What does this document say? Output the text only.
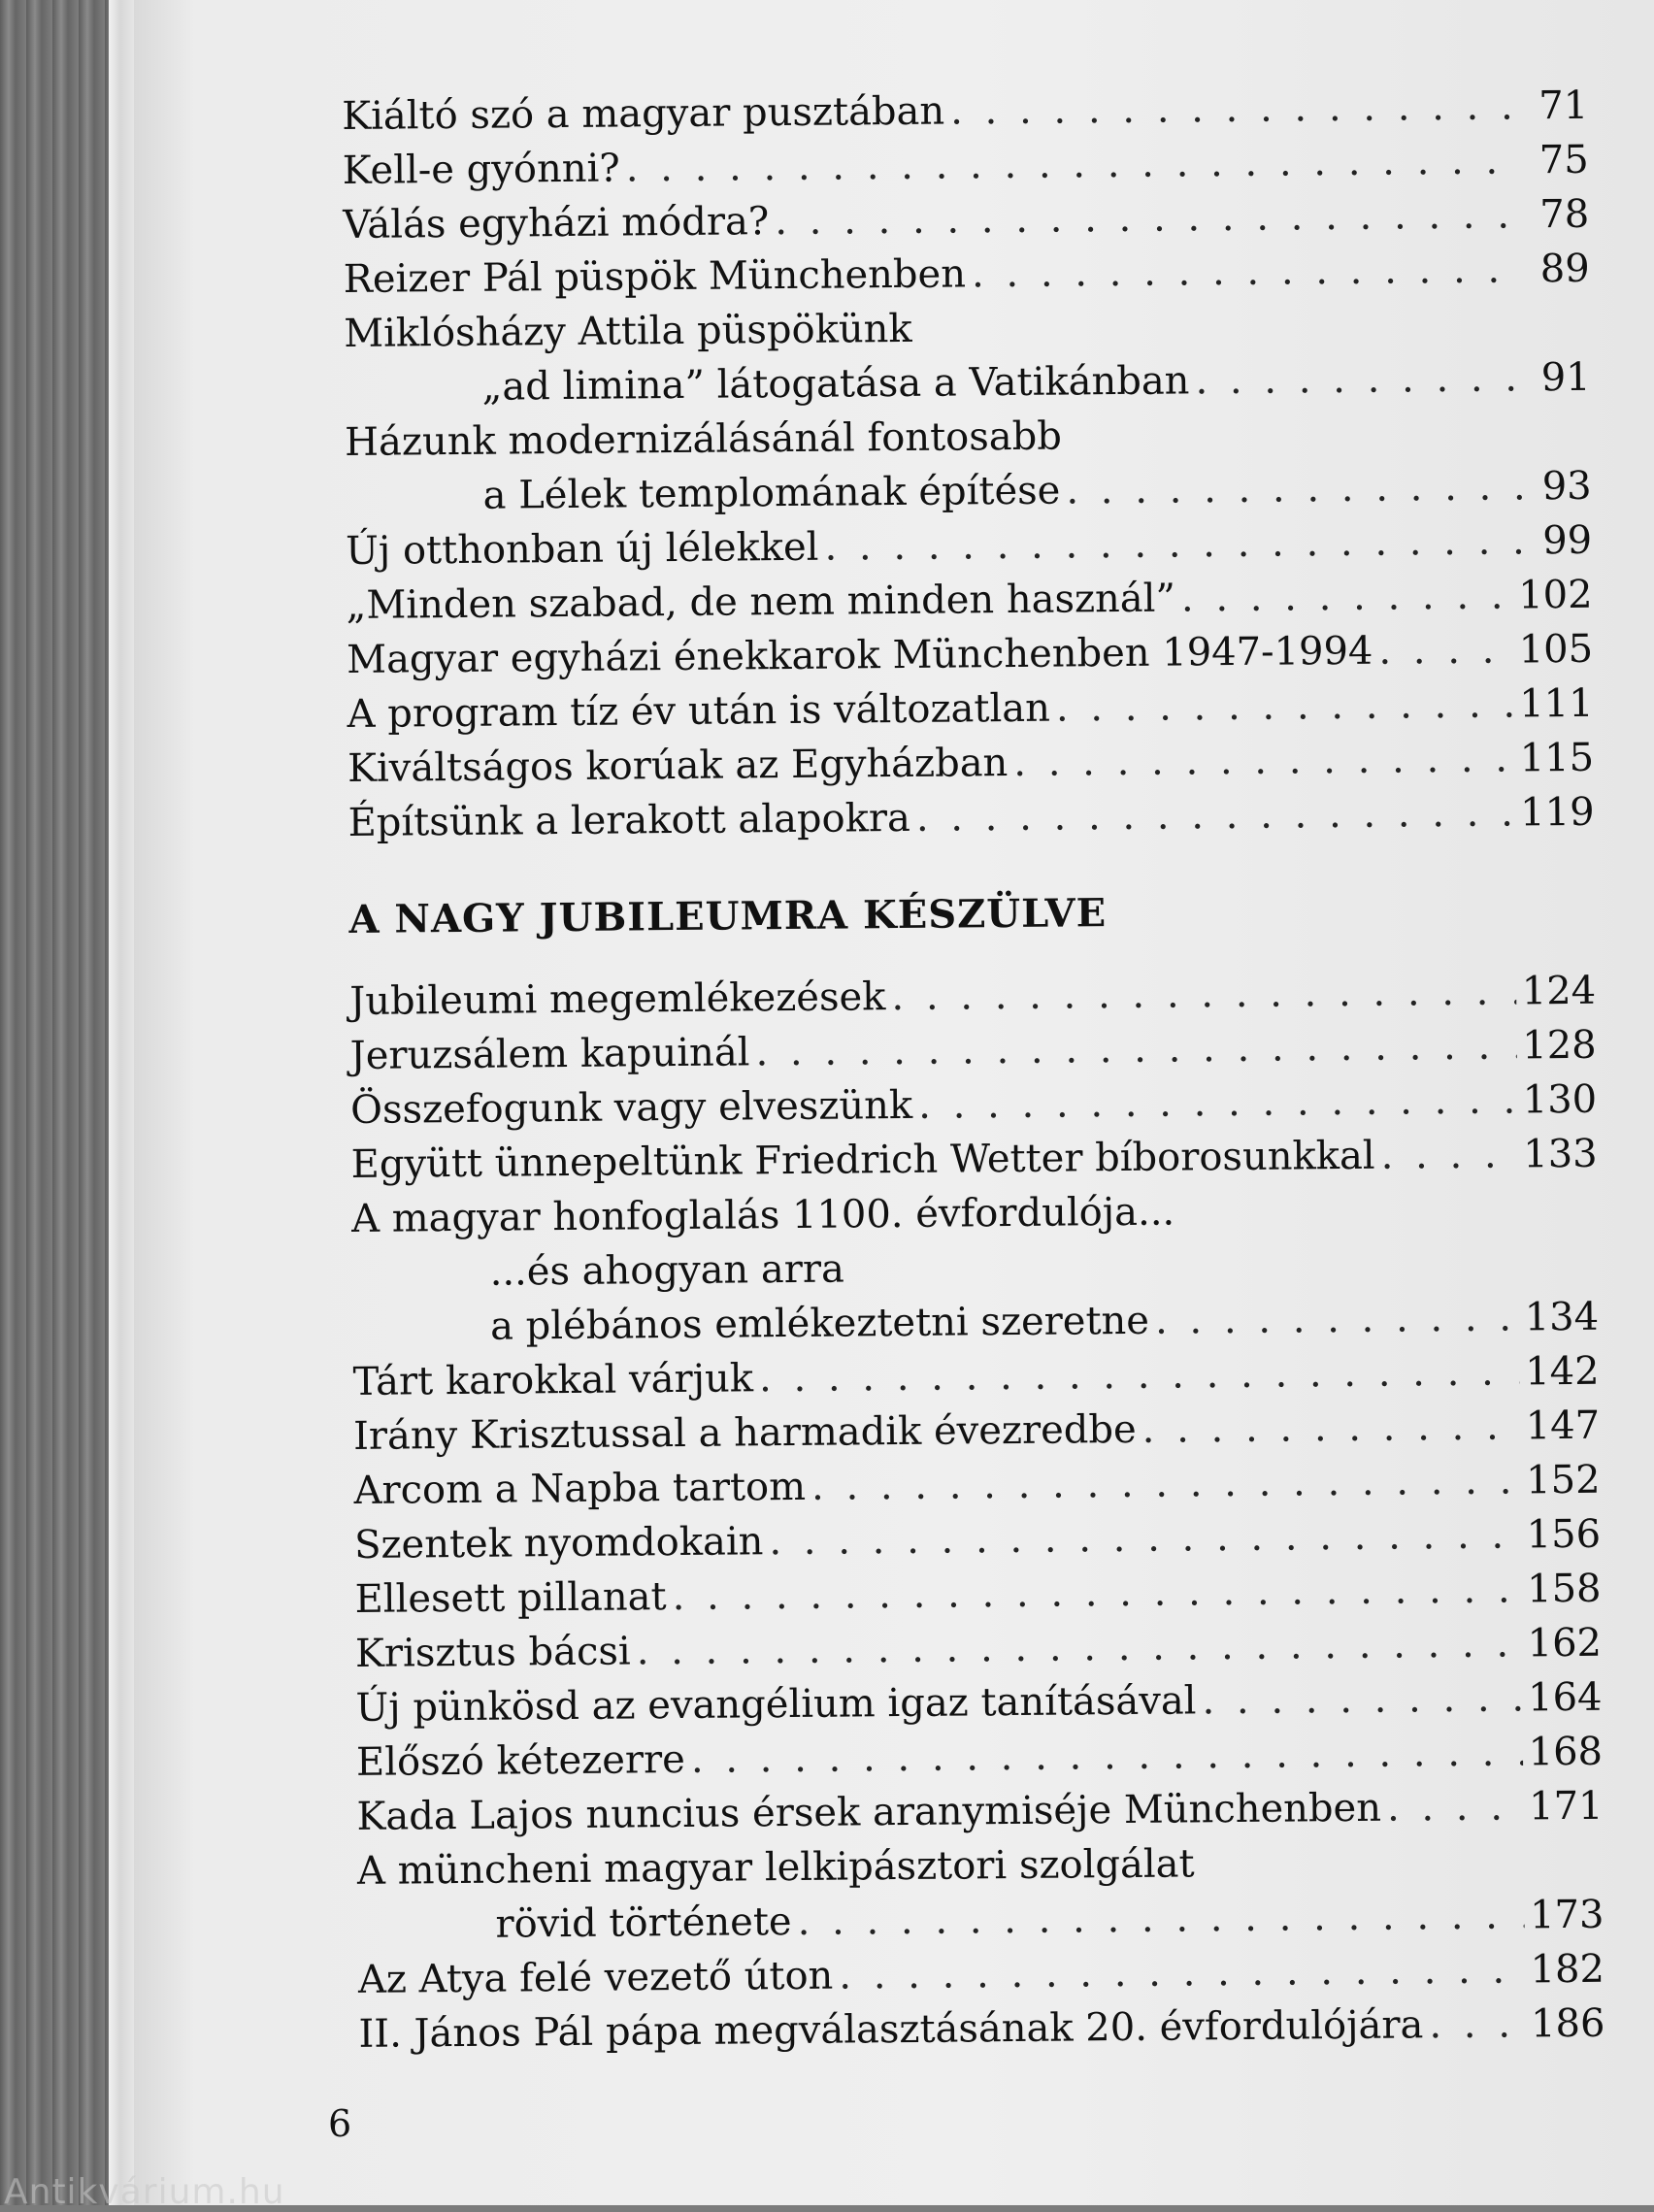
Kiáltó szó a magyar pusztában . . .	71
Kell-e gyónni? . . .	75
Válás egyházi módra? . . .	78
Reizer Pál püspök Münchenben . . .	89
Miklósházy Attila püspökünk
„ad limina” látogatása a Vatikánban . . .	91
Házunk modernizálásánál fontosabb
a Lélek templomának építése . . .	93
Új otthonban új lélekkel . . .	99
„Minden szabad, de nem minden használ” . . .	102
Magyar egyházi énekkarok Münchenben 1947-1994 . . .	105
A program tíz év után is változatlan . . .	111
Kiváltságos korúak az Egyházban . . .	115
Építsünk a lerakott alapokra . . .	119
A NAGY JUBILEUMRA KÉSZÜLVE
Jubileumi megemlékezések . . .	124
Jeruzsálem kapuinál . . .	128
Összefogunk vagy elveszünk . . .	130
Együtt ünnepeltünk Friedrich Wetter bíborosunkkal . . .	133
A magyar honfoglalás 1100. évfordulója...
...és ahogyan arra
a plébános emlékeztetni szeretne . . .	134
Tárt karokkal várjuk . . .	142
Irány Krisztussal a harmadik évezredbe . . .	147
Arcom a Napba tartom . . .	152
Szentek nyomdokain . . .	156
Ellesett pillanat . . .	158
Krisztus bácsi . . .	162
Új pünkösd az evangélium igaz tanításával . . .	164
Előszó kétezerre . . .	168
Kada Lajos nuncius érsek aranymiséje Münchenben . . .	171
A müncheni magyar lelkipásztori szolgálat
rövid története . . .	173
Az Atya felé vezető úton . . .	182
II. János Pál pápa megválasztásának 20. évfordulójára . . .	186
6
Antikvárium.hu
